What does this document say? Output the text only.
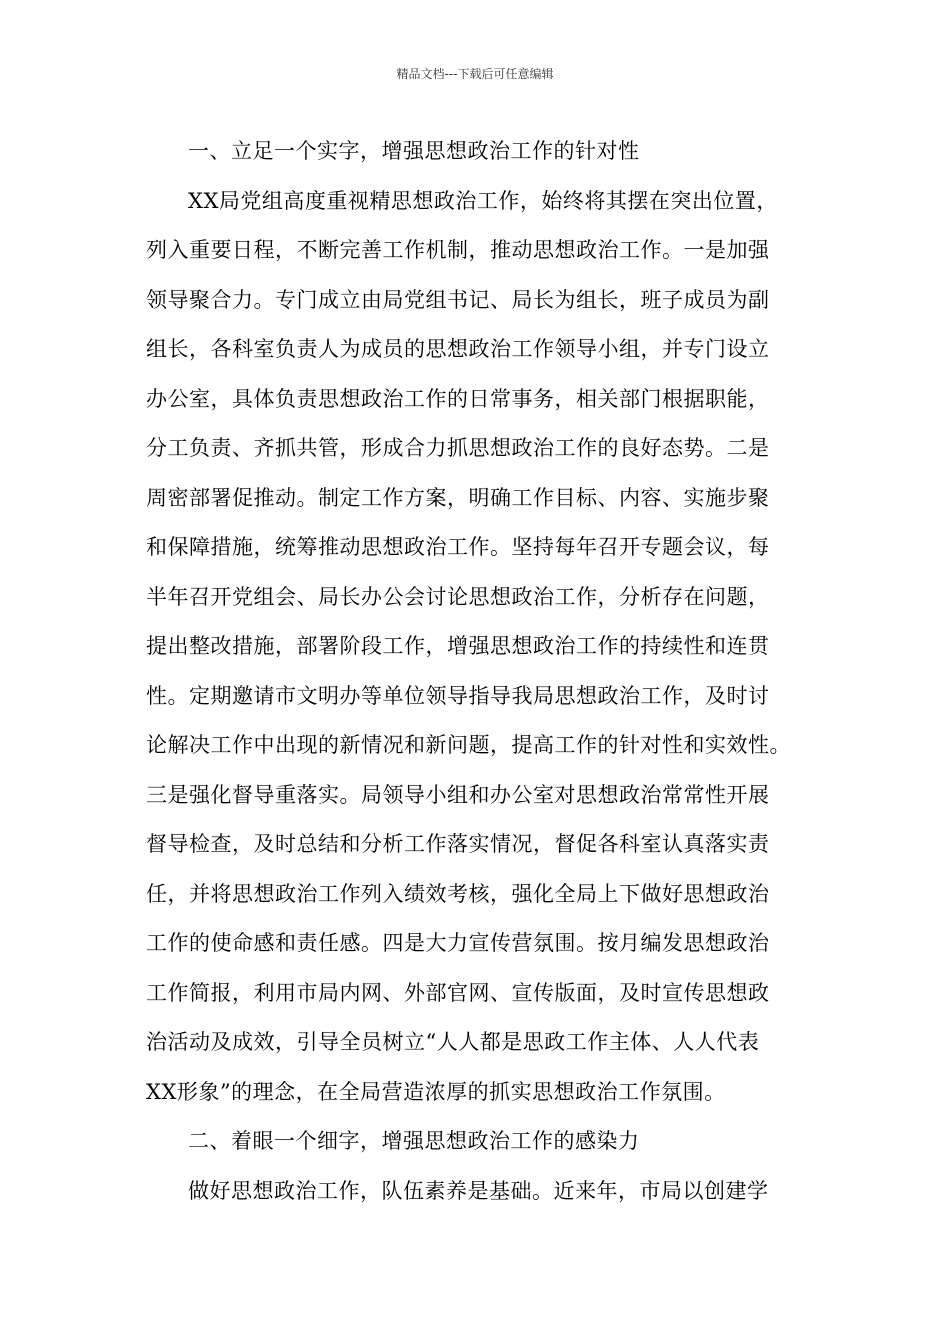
精品文档---下载后可任意编辑
一、立足一个实字，增强思想政治工作的针对性
XX局党组高度重视精思想政治工作，始终将其摆在突出位置，
列入重要日程，不断完善工作机制，推动思想政治工作。一是加强
领导聚合力。专门成立由局党组书记、局长为组长，班子成员为副
组长，各科室负责人为成员的思想政治工作领导小组，并专门设立
办公室，具体负责思想政治工作的日常事务，相关部门根据职能，
分工负责、齐抓共管，形成合力抓思想政治工作的良好态势。二是
周密部署促推动。制定工作方案，明确工作目标、内容、实施步聚
和保障措施，统筹推动思想政治工作。坚持每年召开专题会议，每
半年召开党组会、局长办公会讨论思想政治工作，分析存在问题，
提出整改措施，部署阶段工作，增强思想政治工作的持续性和连贯
性。定期邀请市文明办等单位领导指导我局思想政治工作，及时讨
论解决工作中出现的新情况和新问题，提高工作的针对性和实效性。
三是强化督导重落实。局领导小组和办公室对思想政治常常性开展
督导检查，及时总结和分析工作落实情况，督促各科室认真落实责
任，并将思想政治工作列入绩效考核，强化全局上下做好思想政治
工作的使命感和责任感。四是大力宣传营氛围。按月编发思想政治
工作简报，利用市局内网、外部官网、宣传版面，及时宣传思想政
治活动及成效，引导全员树立“人人都是思政工作主体、人人代表
XX形象”的理念，在全局营造浓厚的抓实思想政治工作氛围。
二、着眼一个细字，增强思想政治工作的感染力
做好思想政治工作，队伍素养是基础。近来年，市局以创建学
